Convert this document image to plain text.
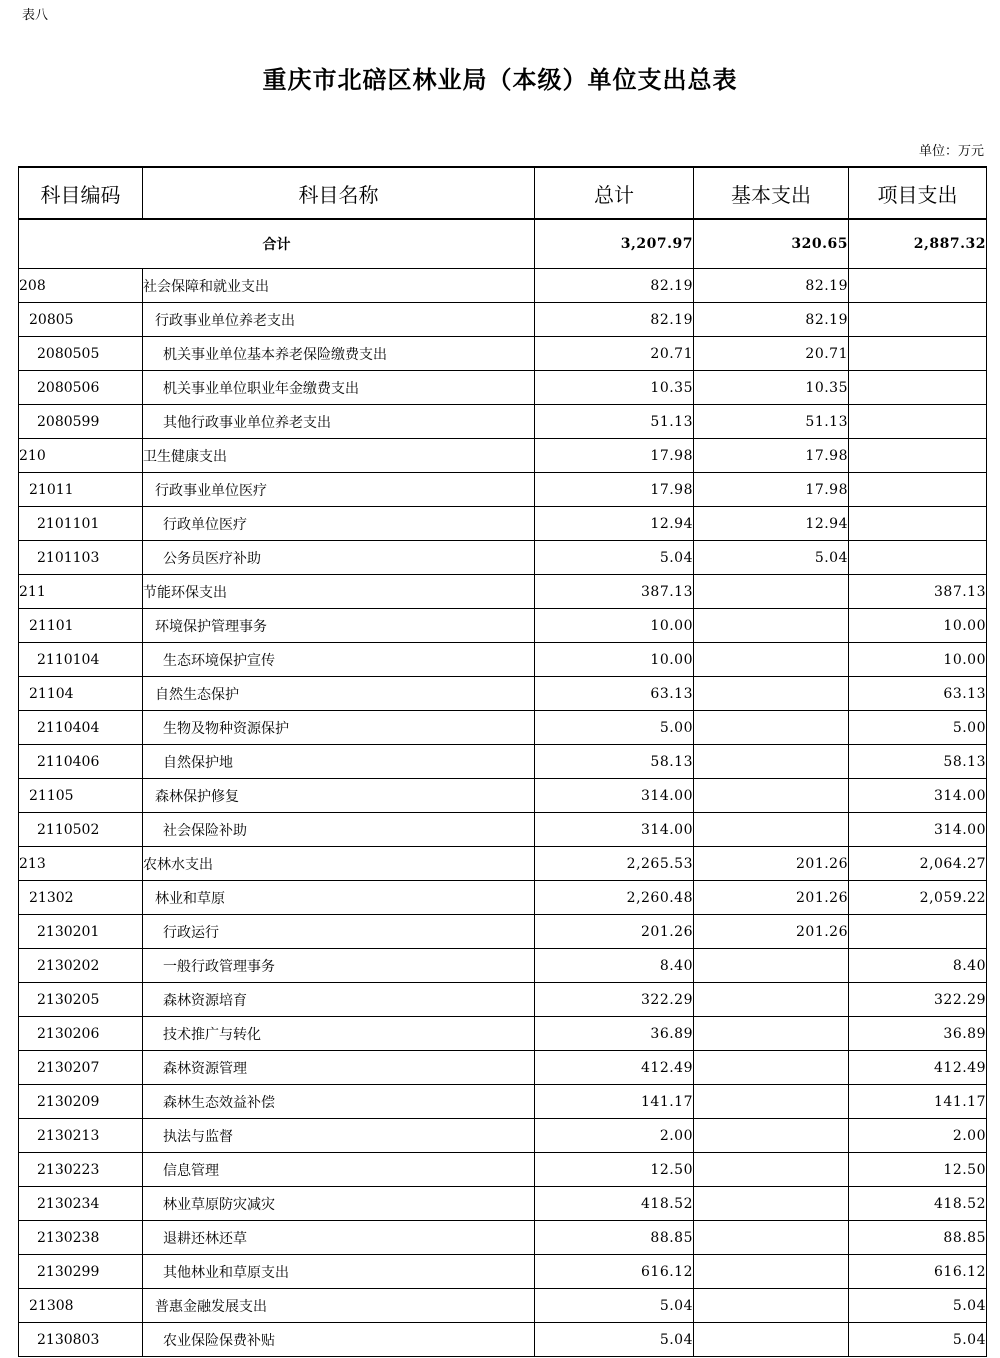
表八
重庆市北碚区林业局（本级）单位支出总表
单位：万元
科目编码	科目名称	总计	基本支出	项目支出
合计		3,207.97	320.65	2,887.32
208	社会保障和就业支出	82.19	82.19	
20805	行政事业单位养老支出	82.19	82.19	
2080505	机关事业单位基本养老保险缴费支出	20.71	20.71	
2080506	机关事业单位职业年金缴费支出	10.35	10.35	
2080599	其他行政事业单位养老支出	51.13	51.13	
210	卫生健康支出	17.98	17.98	
21011	行政事业单位医疗	17.98	17.98	
2101101	行政单位医疗	12.94	12.94	
2101103	公务员医疗补助	5.04	5.04	
211	节能环保支出	387.13		387.13
21101	环境保护管理事务	10.00		10.00
2110104	生态环境保护宣传	10.00		10.00
21104	自然生态保护	63.13		63.13
2110404	生物及物种资源保护	5.00		5.00
2110406	自然保护地	58.13		58.13
21105	森林保护修复	314.00		314.00
2110502	社会保险补助	314.00		314.00
213	农林水支出	2,265.53	201.26	2,064.27
21302	林业和草原	2,260.48	201.26	2,059.22
2130201	行政运行	201.26	201.26	
2130202	一般行政管理事务	8.40		8.40
2130205	森林资源培育	322.29		322.29
2130206	技术推广与转化	36.89		36.89
2130207	森林资源管理	412.49		412.49
2130209	森林生态效益补偿	141.17		141.17
2130213	执法与监督	2.00		2.00
2130223	信息管理	12.50		12.50
2130234	林业草原防灾减灾	418.52		418.52
2130238	退耕还林还草	88.85		88.85
2130299	其他林业和草原支出	616.12		616.12
21308	普惠金融发展支出	5.04		5.04
2130803	农业保险保费补贴	5.04		5.04
